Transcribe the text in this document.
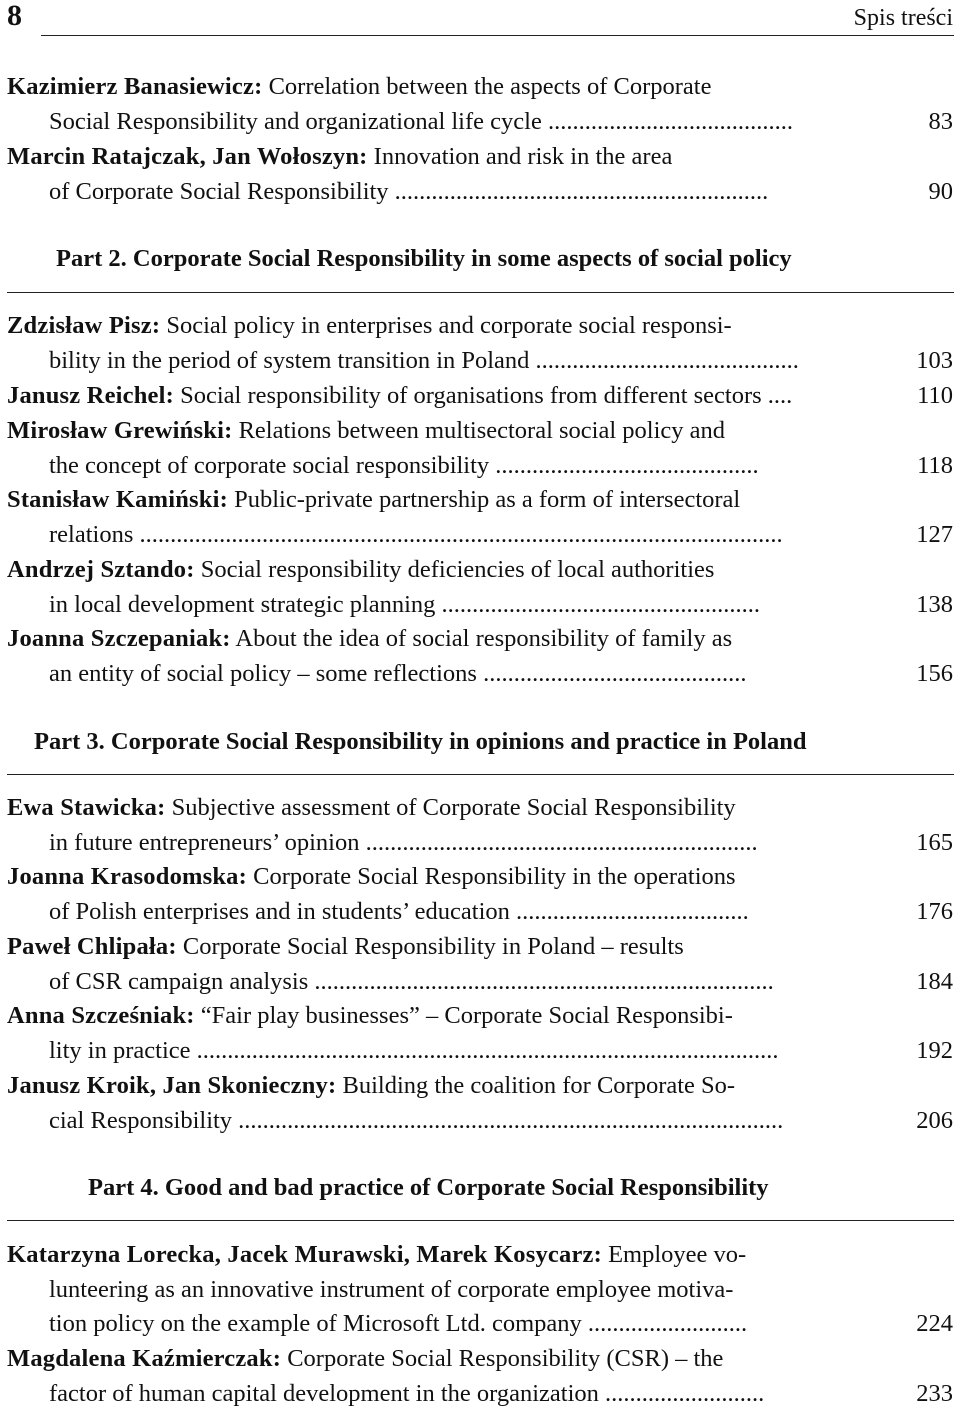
8	Spis treści
Kazimierz Banasiewicz: Correlation between the aspects of Corporate
Social Responsibility and organizational life cycle ........................................	83
Marcin Ratajczak, Jan Wołoszyn: Innovation and risk in the area
of Corporate Social Responsibility .............................................................	90
Part 2. Corporate Social Responsibility in some aspects of social policy
Zdzisław Pisz: Social policy in enterprises and corporate social responsi-
bility in the period of system transition in Poland ...........................................	103
Janusz Reichel: Social responsibility of organisations from different sectors ....	110
Mirosław Grewiński: Relations between multisectoral social policy and
the concept of corporate social responsibility ...........................................	118
Stanisław Kamiński: Public-private partnership as a form of intersectoral
relations .........................................................................................................	127
Andrzej Sztando: Social responsibility deficiencies of local authorities
in local development strategic planning ....................................................	138
Joanna Szczepaniak: About the idea of social responsibility of family as
an entity of social policy – some reflections ...........................................	156
Part 3. Corporate Social Responsibility in opinions and practice in Poland
Ewa Stawicka: Subjective assessment of Corporate Social Responsibility
in future entrepreneurs’ opinion ................................................................	165
Joanna Krasodomska: Corporate Social Responsibility in the operations
of Polish enterprises and in students’ education ......................................	176
Paweł Chlipała: Corporate Social Responsibility in Poland – results
of CSR campaign analysis ...........................................................................	184
Anna Szcześniak: “Fair play businesses” – Corporate Social Responsibi-
lity in practice ...............................................................................................	192
Janusz Kroik, Jan Skonieczny: Building the coalition for Corporate So-
cial Responsibility .........................................................................................	206
Part 4. Good and bad practice of Corporate Social Responsibility
Katarzyna Lorecka, Jacek Murawski, Marek Kosycarz: Employee vo-
lunteering as an innovative instrument of corporate employee motiva-
tion policy on the example of Microsoft Ltd. company ..........................	224
Magdalena Kaźmierczak: Corporate Social Responsibility (CSR) – the
factor of human capital development in the organization ..........................	233
